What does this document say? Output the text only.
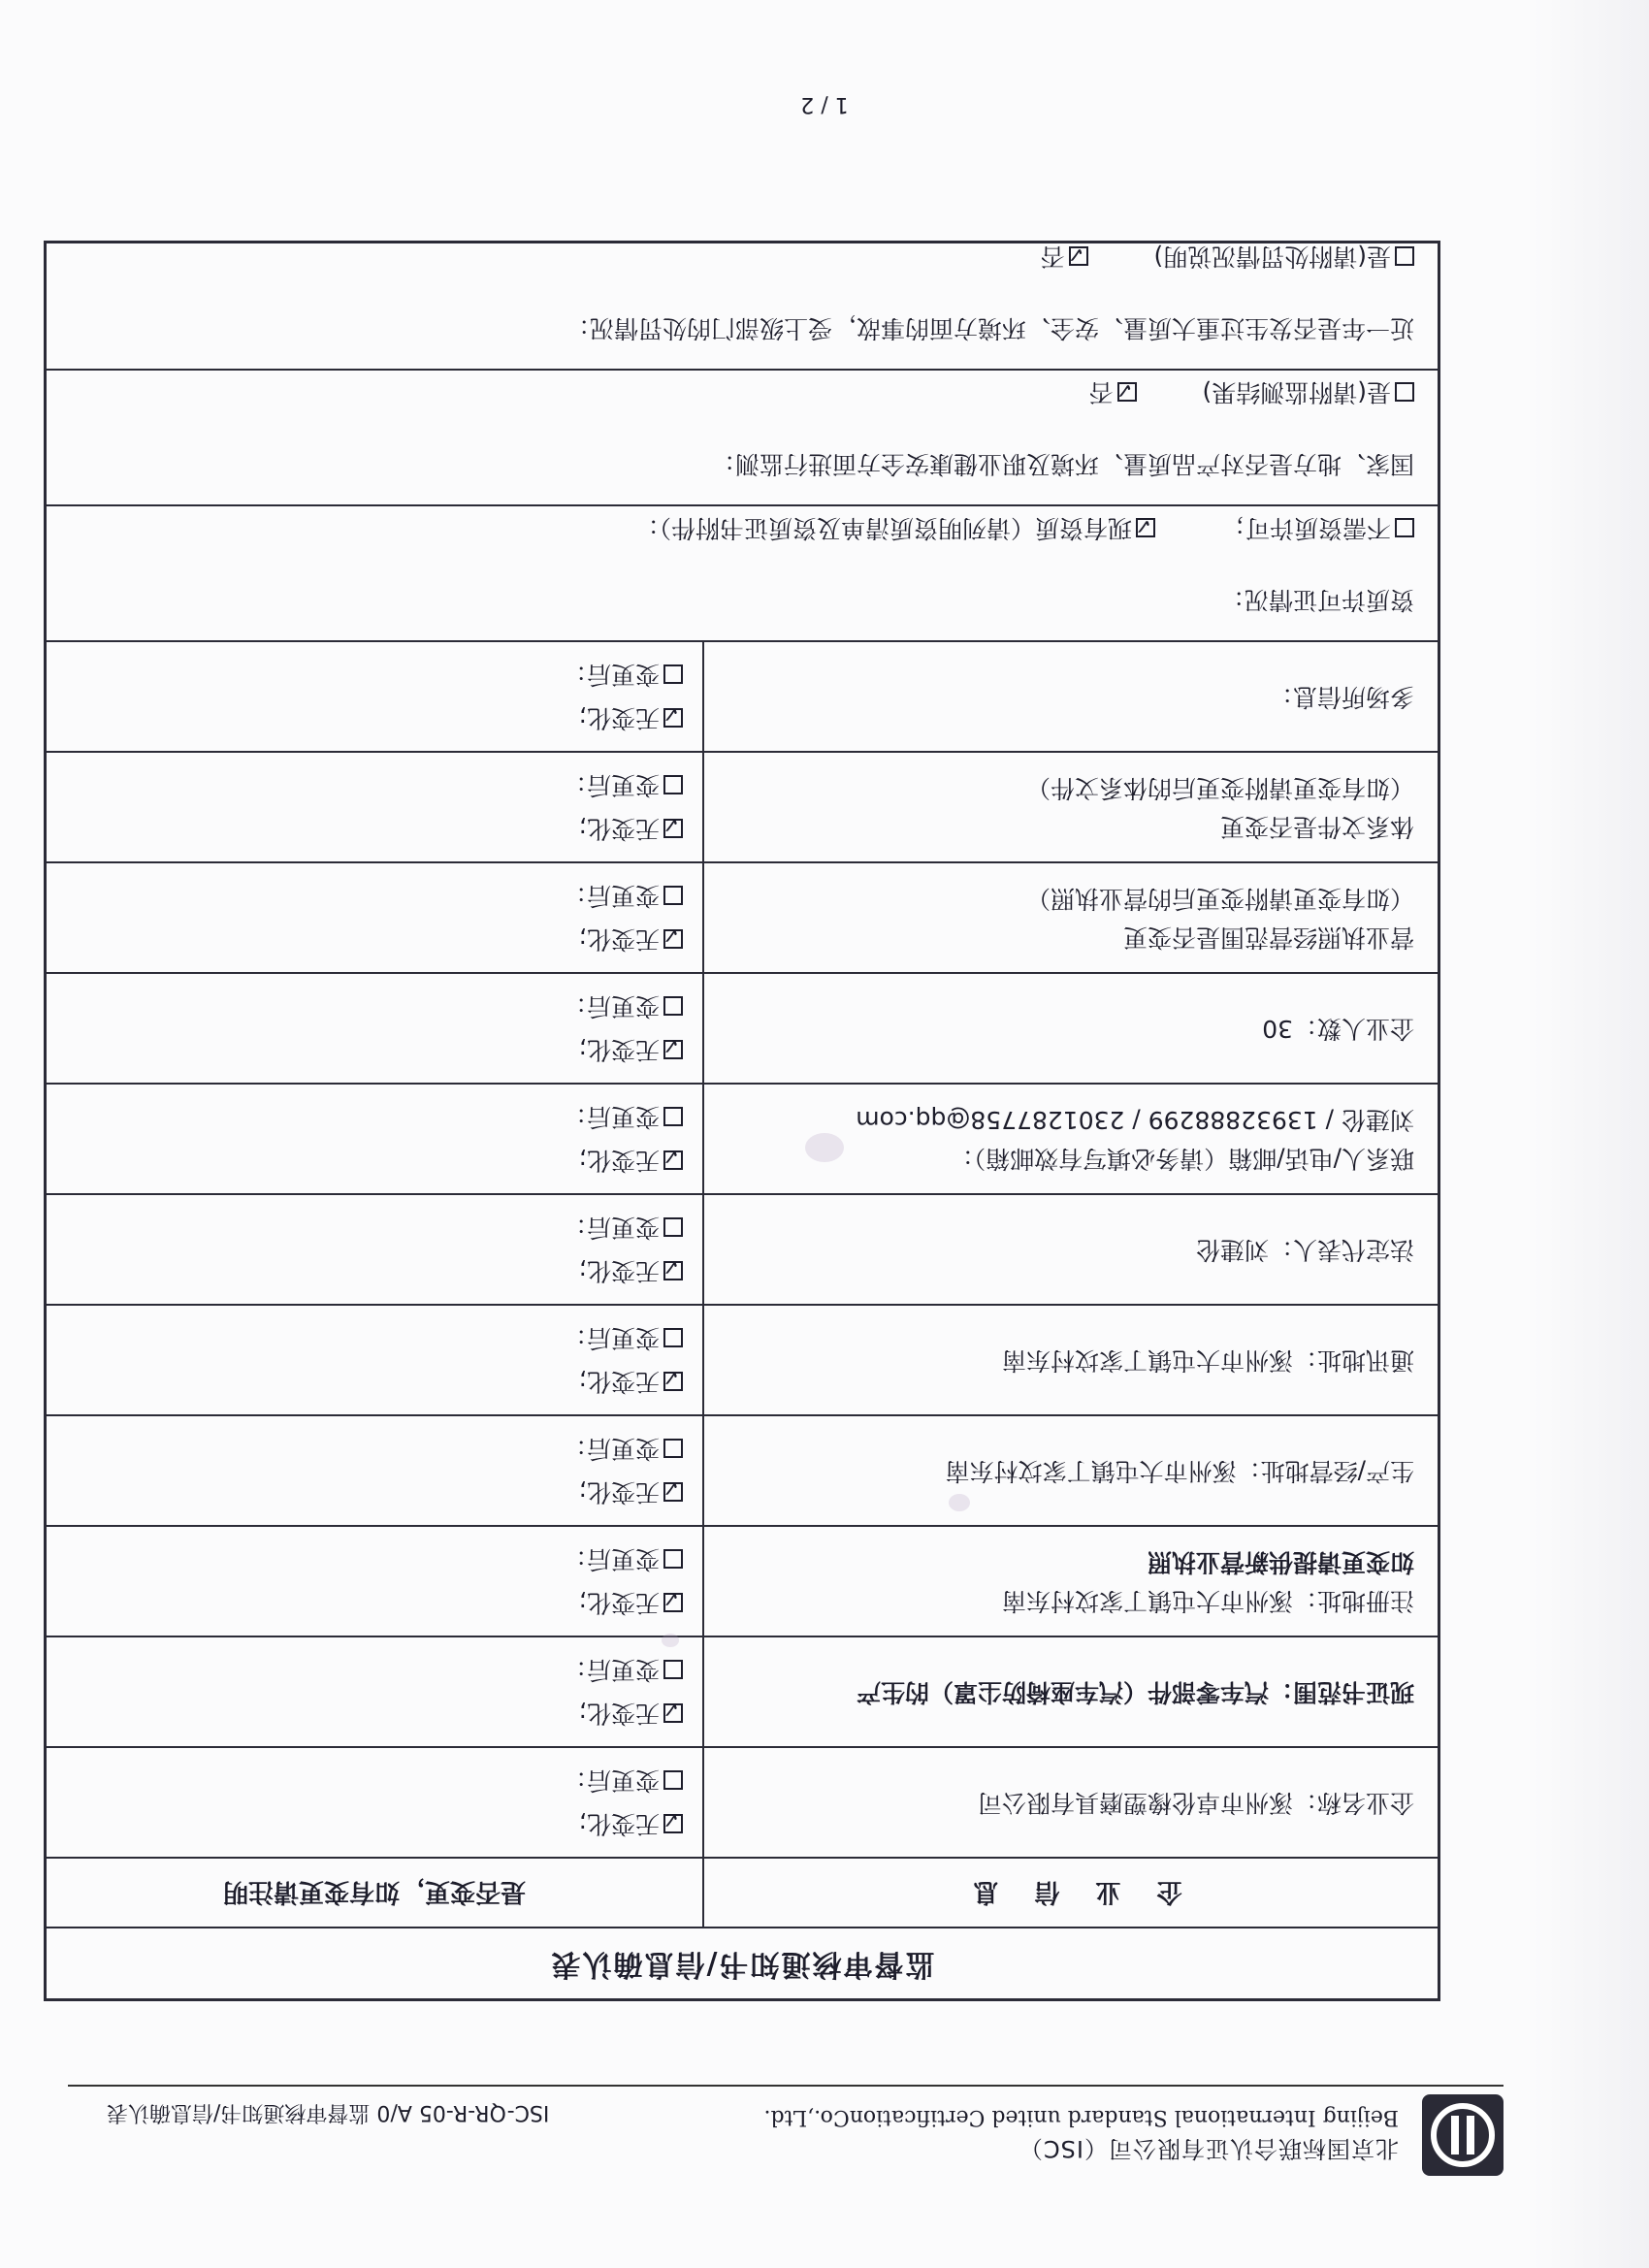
北京国标联合认证有限公司（ISC）
Beijing International Standard united CertificationCo.,Ltd.
ISC-QR-R-05 A/0 监督审核通知书/信息确认表
监督审核通知书/信息确认表
企 业 信 息
是否变更，如有变更请注明
企业名称：涿州市卓伦橡塑磨具有限公司
✓无变化;
变更后：
现证书范围：汽车零部件（汽车座椅防尘罩）的生产
✓无变化;
变更后：
注册地址：涿州市大屯镇丁家坟村东南
如变更请提供新营业执照
✓无变化;
变更后：
生产/经营地址：涿州市大屯镇丁家坟村东南
✓无变化;
变更后：
通讯地址：涿州市大屯镇丁家坟村东南
✓无变化;
变更后：
法定代表人：刘建伦
✓无变化;
变更后：
联系人/电话/邮箱（请务必填写有效邮箱）：
刘建伦 / 13932888299 / 2301287758@qq.com
✓无变化;
变更后：
企业人数：30
✓无变化;
变更后：
营业执照经营范围是否变更
（如有变更请附变更后的营业执照）
✓无变化;
变更后：
体系文件是否变更
（如有变更请附变更后的体系文件）
✓无变化;
变更后：
多场所信息：
✓无变化;
变更后：
资质许可证情况：
不需资质许可； ✓现有资质（请列明资质清单及资质证书附件）：
国家、地方是否对产品质量、环境及职业健康安全方面进行监测：
是(请附监测结果) ✓否
近一年是否发生过重大质量、安全、环境方面的事故，受上级部门的处罚情况：
是(请附处罚情况说明) ✓否
1 / 2
